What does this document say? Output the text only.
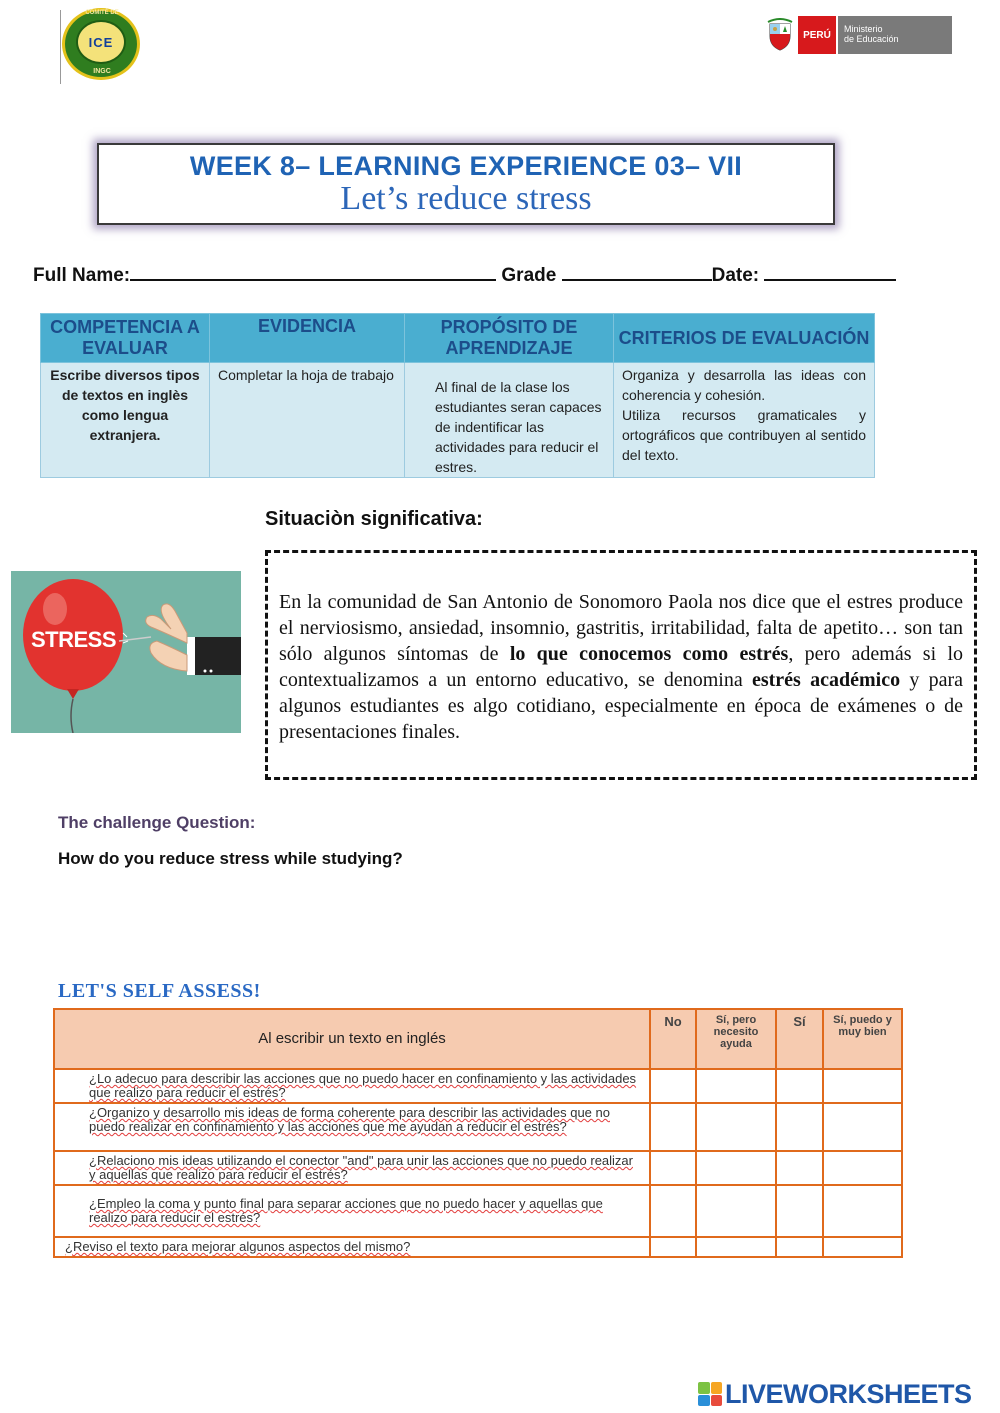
COMITÉ DE
ICE
INGC
PERÚ
Ministerio
de Educación
WEEK 8– LEARNING EXPERIENCE 03– VII
Let’s reduce stress
Full Name:	Grade	Date:
COMPETENCIA A EVALUAR	EVIDENCIA	PROPÓSITO DE APRENDIZAJE	CRITERIOS DE EVALUACIÓN
Escribe diversos tipos de textos en inglès como lengua extranjera.	Completar la hoja de trabajo	Al final de la clase los estudiantes seran capaces de indentificar las actividades para reducir el estres.	Organiza y desarrolla las ideas con coherencia y cohesión.
Utiliza recursos gramaticales y ortográficos que contribuyen al sentido del texto.
Situaciòn significativa:
STRESS
En la comunidad de San Antonio de Sonomoro Paola nos dice que el estres produce el nerviosismo, ansiedad, insomnio, gastritis, irritabilidad, falta de apetito… son tan sólo algunos síntomas de lo que conocemos como estrés, pero además si lo contextualizamos a un entorno educativo, se denomina estrés académico y para algunos estudiantes es algo cotidiano, especialmente en época de exámenes o de presentaciones finales.
The challenge Question:
How do you reduce stress while studying?
LET'S SELF ASSESS!
Al escribir un texto en inglés	No	Sí, pero necesito ayuda	Sí	Sí, puedo y muy bien
¿Lo adecuo para describir las acciones que no puedo hacer en confinamiento y las actividades que realizo para reducir el estrés?				
¿Organizo y desarrollo mis ideas de forma coherente para describir las actividades que no puedo realizar en confinamiento y las acciones que me ayudan a reducir el estrés?				
¿Relaciono mis ideas utilizando el conector "and" para unir las acciones que no puedo realizar y aquellas que realizo para reducir el estrés?				
¿Empleo la coma y punto final para separar acciones que no puedo hacer y aquellas que realizo para reducir el estrés?				
¿Reviso el texto para mejorar algunos aspectos del mismo?				
LIVEWORKSHEETS
